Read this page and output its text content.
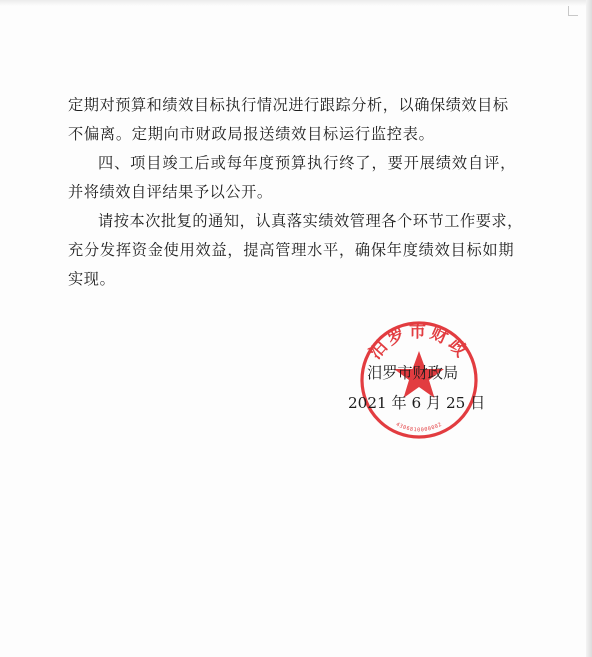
定期对预算和绩效目标执行情况进行跟踪分析，以确保绩效目标
不偏离。定期向市财政局报送绩效目标运行监控表。
四、项目竣工后或每年度预算执行终了，要开展绩效自评，
并将绩效自评结果予以公开。
请按本次批复的通知，认真落实绩效管理各个环节工作要求，
充分发挥资金使用效益，提高管理水平，确保年度绩效目标如期
实现。
汨罗市财政
4306810000002
汨罗市财政局
2021 年 6 月 25 日
